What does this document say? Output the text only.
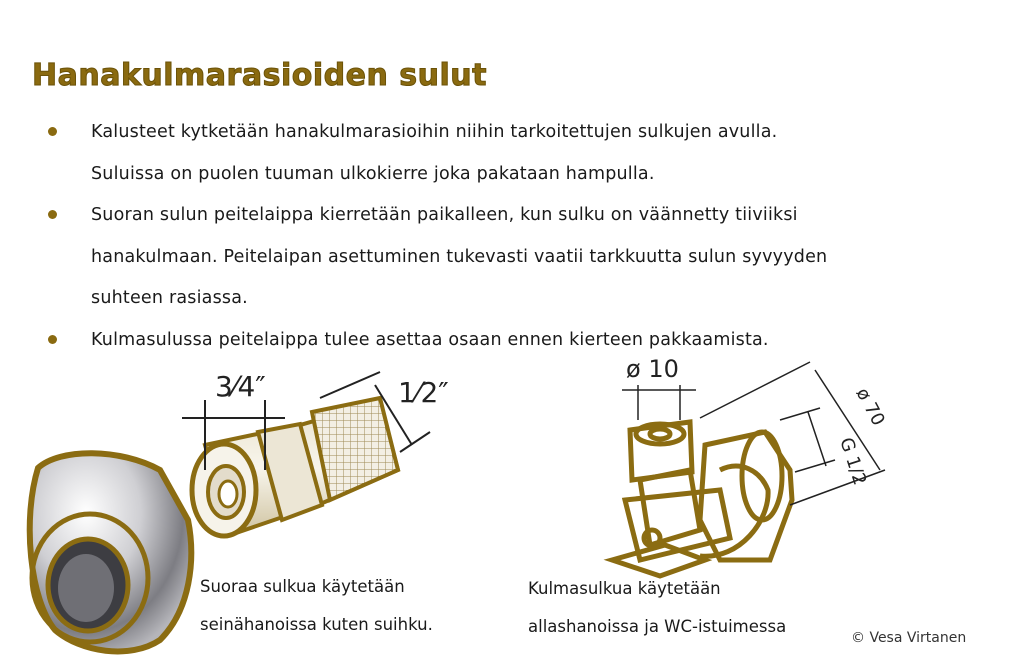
Hanakulmarasioiden sulut
Kalusteet kytketään hanakulmarasioihin niihin tarkoitettujen sulkujen avulla.
Suluissa on puolen tuuman ulkokierre joka pakataan hampulla.
Suoran sulun peitelaippa kierretään paikalleen, kun sulku on väännetty tiiviiksi
hanakulmaan. Peitelaipan asettuminen tukevasti vaatii tarkkuutta sulun syvyyden
suhteen rasiassa.
Kulmasulussa peitelaippa tulee asettaa osaan ennen kierteen pakkaamista.
3⁄4″	1⁄2″
ø 10
G 1/2
ø 70
Suoraa sulkua käytetään
seinähanoissa kuten suihku.
Kulmasulkua käytetään
allashanoissa ja WC-istuimessa
© Vesa Virtanen
